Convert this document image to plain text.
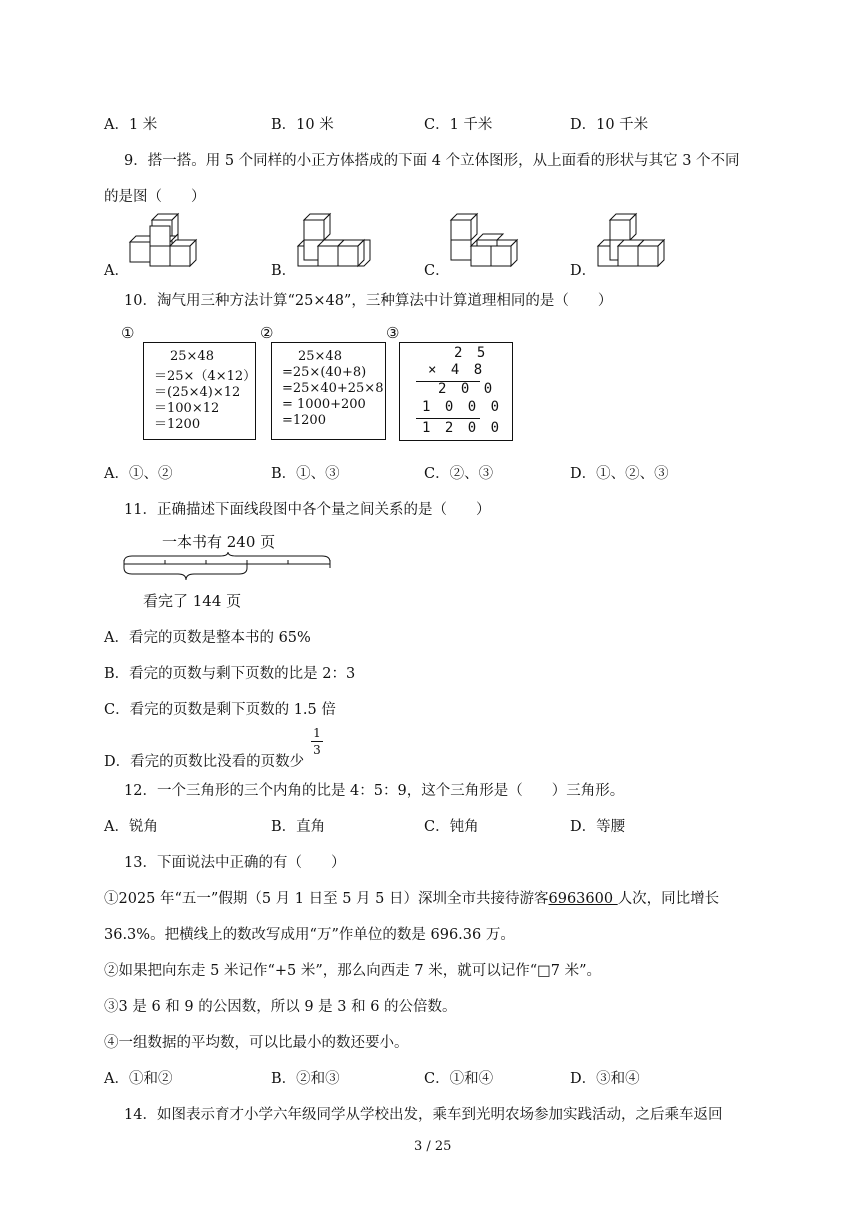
A．1 米	B．10 米	C．1 千米	D．10 千米
9．搭一搭。用 5 个同样的小正方体搭成的下面 4 个立体图形，从上面看的形状与其它 3 个不同
的是图（　　）
A．	B．	C．	D．
10．淘气用三种方法计算“25×48”，三种算法中计算道理相同的是（　　）
①	②	③
25×48
＝25×（4×12）
＝(25×4)×12
＝100×12
＝1200
25×48
=25×(40+8)
=25×40+25×8
= 1000+200
=1200
2 5
× 4 8
2 0 0
1 0 0 0
1 2 0 0
A．①、②	B．①、③	C．②、③	D．①、②、③
11．正确描述下面线段图中各个量之间关系的是（　　）
一本书有 240 页
看完了 144 页
A．看完的页数是整本书的 65%
B．看完的页数与剩下页数的比是 2：3
C．看完的页数是剩下页数的 1.5 倍
D．看完的页数比没看的页数少
1
3
12．一个三角形的三个内角的比是 4：5：9，这个三角形是（　　）三角形。
A．锐角	B．直角	C．钝角	D．等腰
13．下面说法中正确的有（　　）
①2025 年“五一”假期（5 月 1 日至 5 月 5 日）深圳全市共接待游客6963600 人次，同比增长
36.3%。把横线上的数改写成用“万”作单位的数是 696.36 万。
②如果把向东走 5 米记作“+5 米”，那么向西走 7 米，就可以记作“□7 米”。
③3 是 6 和 9 的公因数，所以 9 是 3 和 6 的公倍数。
④一组数据的平均数，可以比最小的数还要小。
A．①和②	B．②和③	C．①和④	D．③和④
14．如图表示育才小学六年级同学从学校出发，乘车到光明农场参加实践活动，之后乘车返回
3 / 25
